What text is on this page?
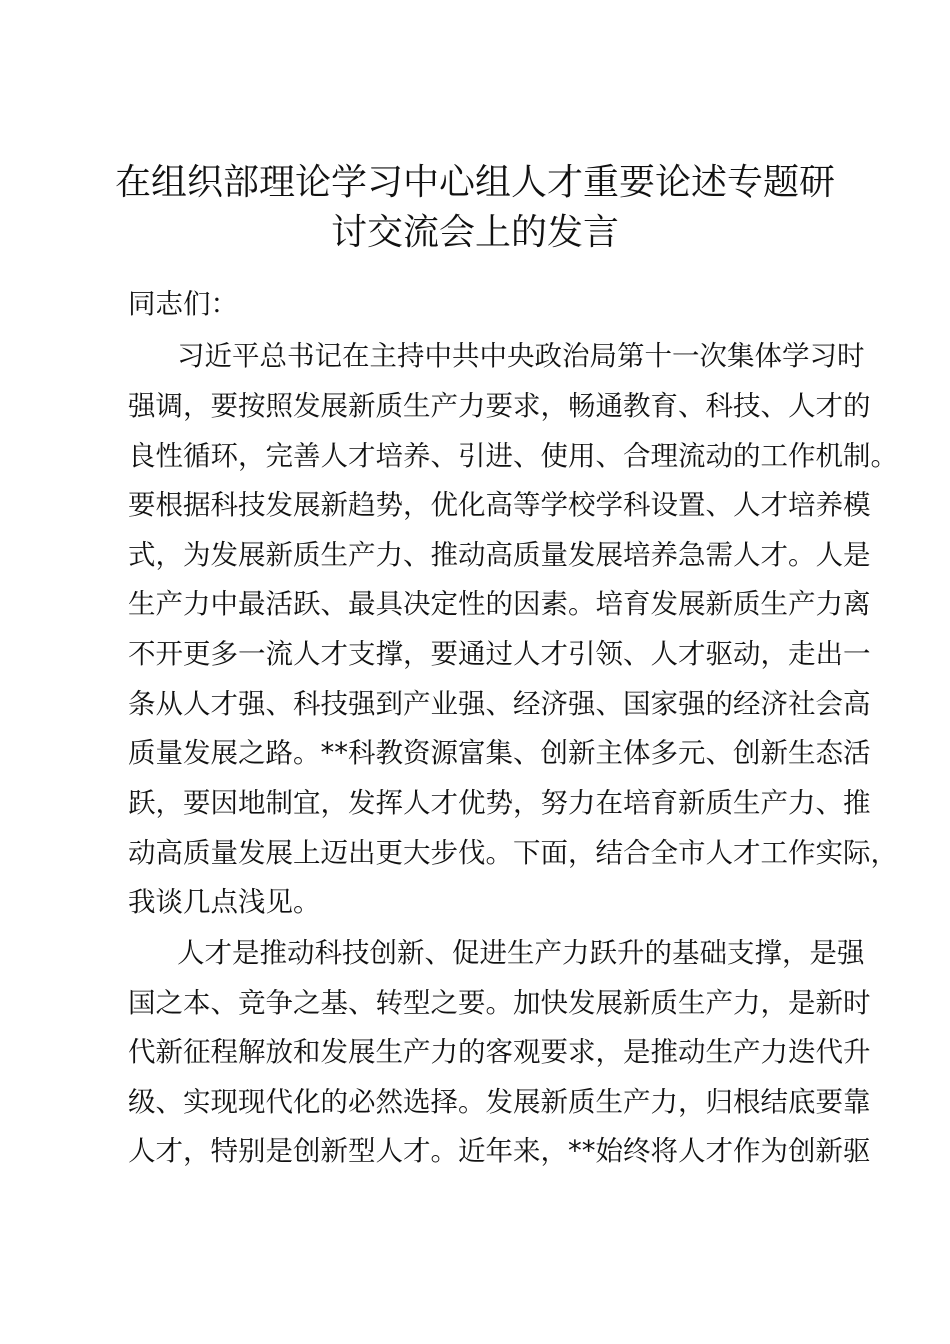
在组织部理论学习中心组人才重要论述专题研
讨交流会上的发言

同志们：

习近平总书记在主持中共中央政治局第十一次集体学习时

强调，要按照发展新质生产力要求，畅通教育、科技、人才的

良性循环，完善人才培养、引进、使用、合理流动的工作机制。

要根据科技发展新趋势，优化高等学校学科设置、人才培养模

式，为发展新质生产力、推动高质量发展培养急需人才。人是

生产力中最活跃、最具决定性的因素。培育发展新质生产力离

不开更多一流人才支撑，要通过人才引领、人才驱动，走出一

条从人才强、科技强到产业强、经济强、国家强的经济社会高

质量发展之路。**科教资源富集、创新主体多元、创新生态活

跃，要因地制宜，发挥人才优势，努力在培育新质生产力、推

动高质量发展上迈出更大步伐。下面，结合全市人才工作实际，

我谈几点浅见。

人才是推动科技创新、促进生产力跃升的基础支撑，是强

国之本、竞争之基、转型之要。加快发展新质生产力，是新时

代新征程解放和发展生产力的客观要求，是推动生产力迭代升

级、实现现代化的必然选择。发展新质生产力，归根结底要靠

人才，特别是创新型人才。近年来，**始终将人才作为创新驱
